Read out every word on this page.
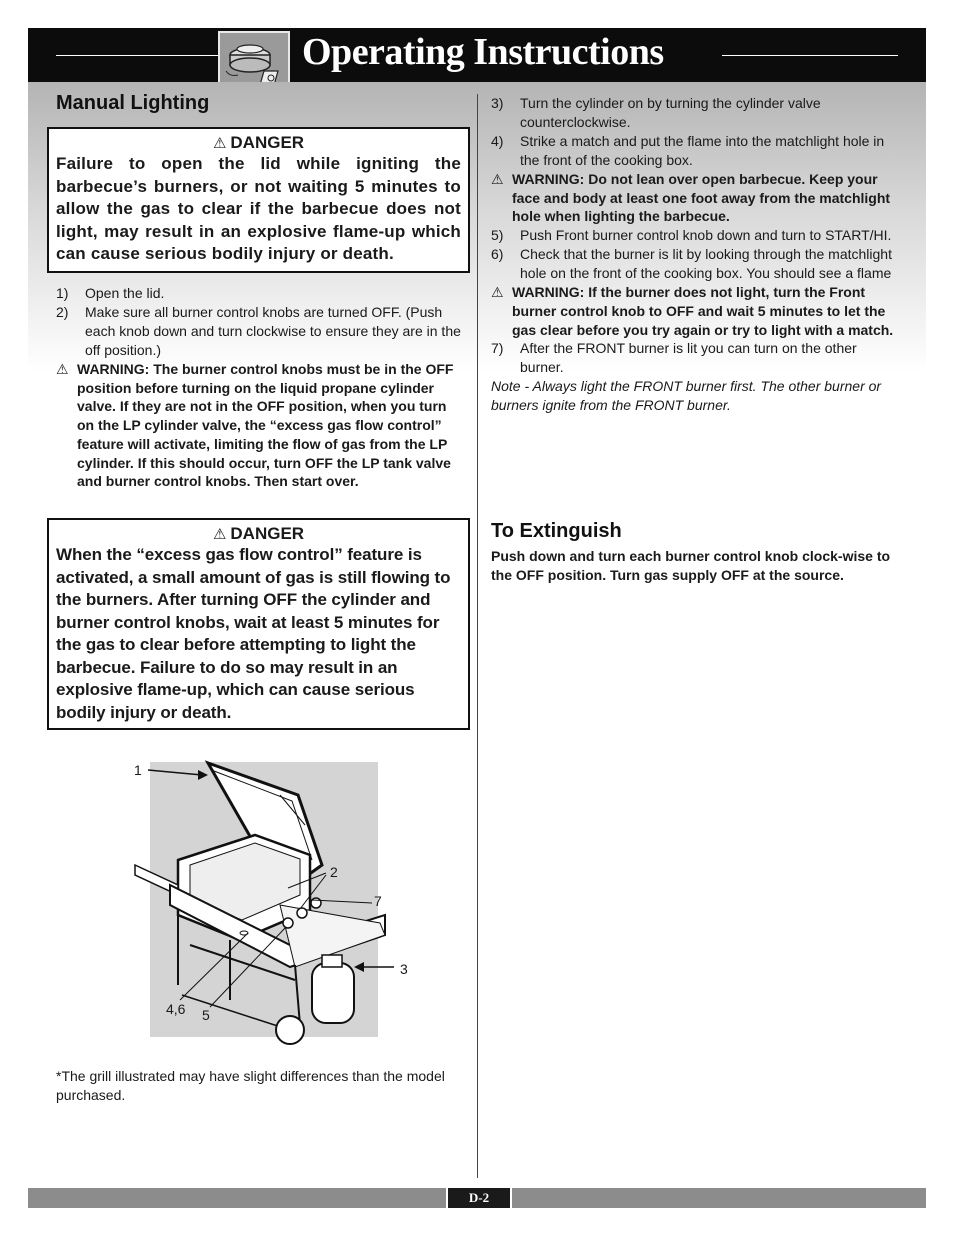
Operating Instructions
Manual Lighting
⚠ DANGER
Failure to open the lid while igniting the barbecue’s burners, or not waiting 5 minutes to allow the gas to clear if the barbecue does not light, may result in an explosive flame-up which can cause serious bodily injury or death.
1) Open the lid.
2) Make sure all burner control knobs are turned OFF. (Push each knob down and turn clockwise to ensure they are in the off position.)
⚠ WARNING: The burner control knobs must be in the OFF position before turning on the liquid propane cylinder valve. If they are not in the OFF position, when you turn on the LP cylinder valve, the “excess gas flow control” feature will activate, limiting the flow of gas from the LP cylinder. If this should occur, turn OFF the LP tank valve and burner control knobs. Then start over.
⚠ DANGER
When the “excess gas flow control” feature is activated, a small amount of gas is still flowing to the burners. After turning OFF the cylinder and burner control knobs, wait at least 5 minutes for the gas to clear before attempting to light the barbecue. Failure to do so may result in an explosive flame-up, which can cause serious bodily injury or death.
1
2
7
3
4,6 5
*The grill illustrated may have slight differences than the model purchased.
3) Turn the cylinder on by turning the cylinder valve counterclockwise.
4) Strike a match and put the flame into the matchlight hole in the front of the cooking box.
⚠ WARNING: Do not lean over open barbecue. Keep your face and body at least one foot away from the matchlight hole when lighting the barbecue.
5) Push Front burner control knob down and turn to START/HI.
6) Check that the burner is lit by looking through the matchlight hole on the front of the cooking box. You should see a flame
⚠ WARNING: If the burner does not light, turn the Front burner control knob to OFF and wait 5 minutes to let the gas clear before you try again or try to light with a match.
7) After the FRONT burner is lit you can turn on the other burner.
Note - Always light the FRONT burner first. The other burner or burners ignite from the FRONT burner.
To Extinguish
Push down and turn each burner control knob clock-wise to the OFF position. Turn gas supply OFF at the source.
D-2
